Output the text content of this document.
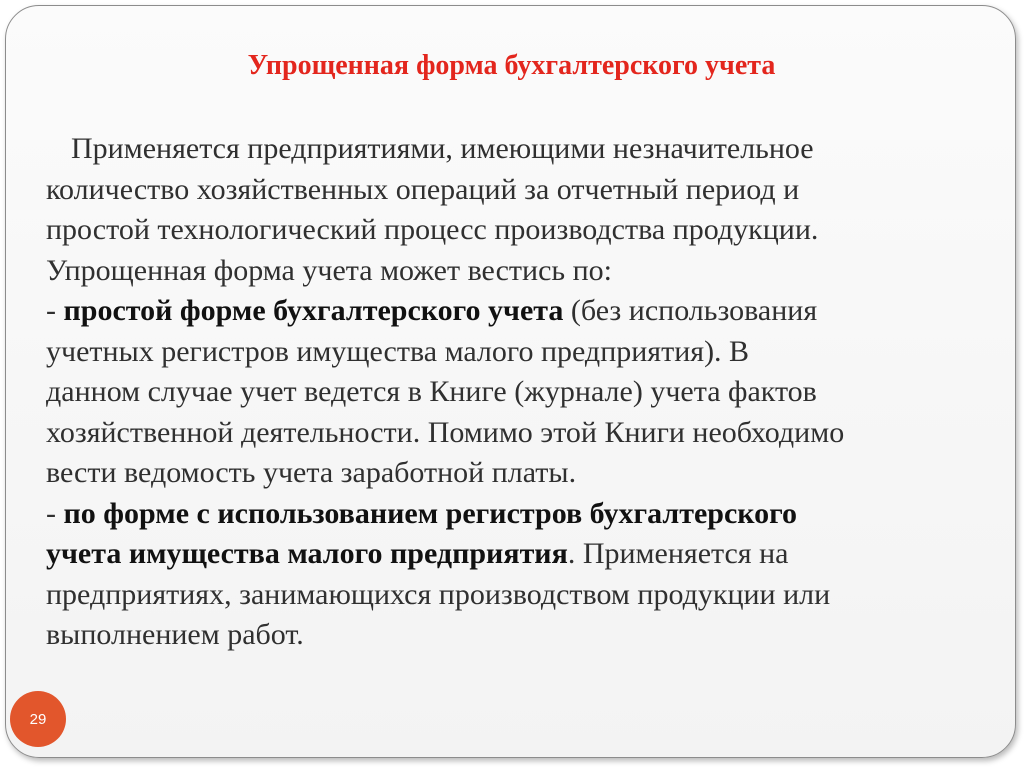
Упрощенная форма бухгалтерского учета
Применяется предприятиями, имеющими незначительное
количество хозяйственных операций за отчетный период и
простой технологический процесс производства продукции.
Упрощенная форма учета может вестись по:
- простой форме бухгалтерского учета (без использования
учетных регистров имущества малого предприятия). В
данном случае учет ведется в Книге (журнале) учета фактов
хозяйственной деятельности. Помимо этой Книги необходимо
вести ведомость учета заработной платы.
- по форме с использованием регистров бухгалтерского
учета имущества малого предприятия. Применяется на
предприятиях, занимающихся производством продукции или
выполнением работ.
29
